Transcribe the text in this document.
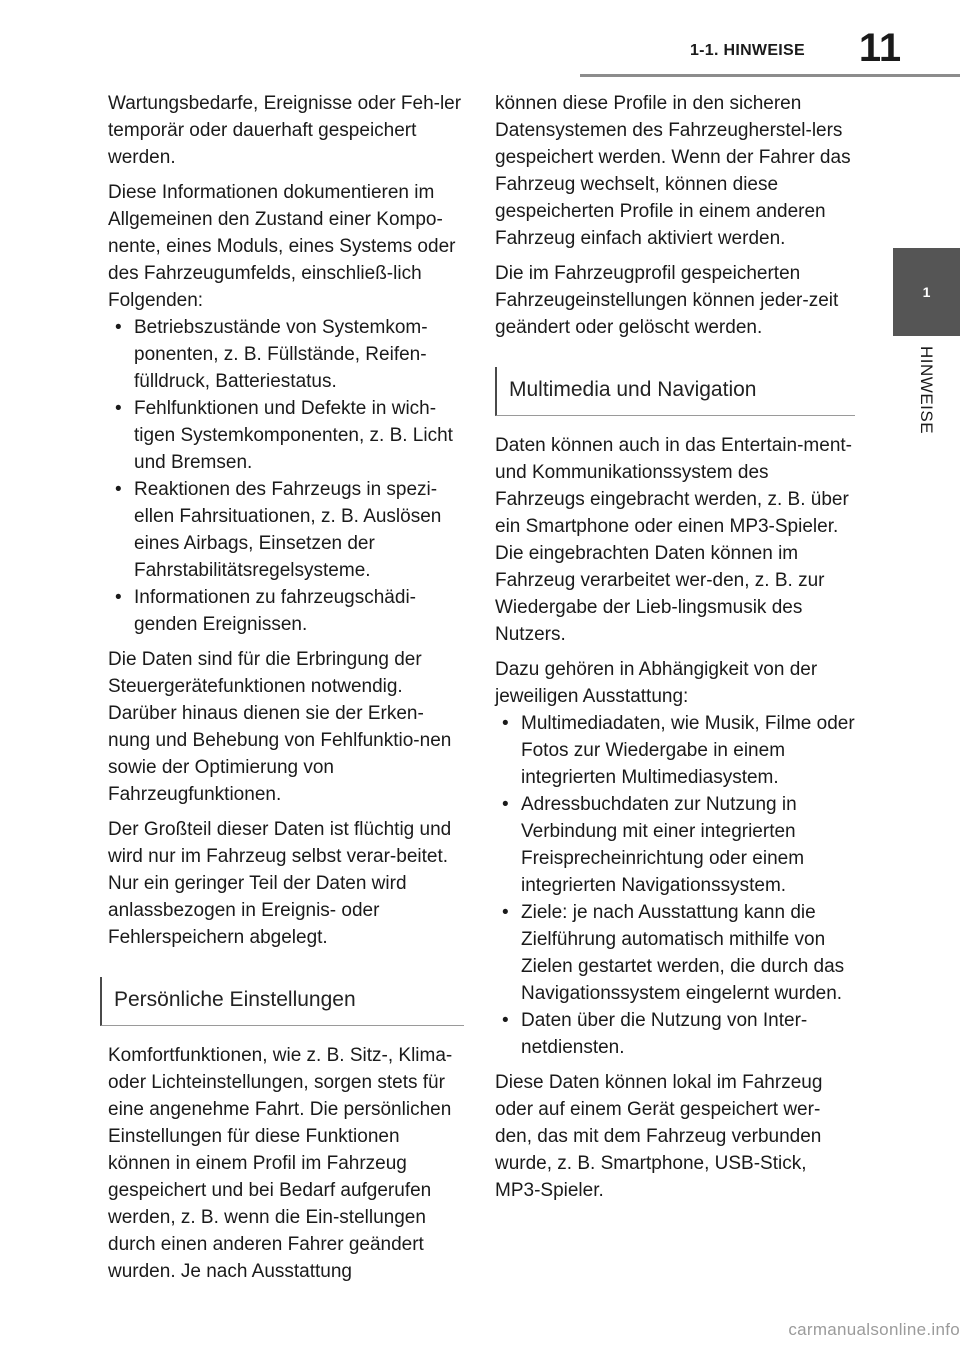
1-1. HINWEISE	11
1
HINWEISE

Wartungsbedarfe, Ereignisse oder Feh-ler temporär oder dauerhaft gespeichert werden.

Diese Informationen dokumentieren im Allgemeinen den Zustand einer Kompo-nente, eines Moduls, eines Systems oder des Fahrzeugumfelds, einschließ-lich Folgenden:

• Betriebszustände von Systemkom-ponenten, z. B. Füllstände, Reifen-fülldruck, Batteriestatus.
• Fehlfunktionen und Defekte in wich-tigen Systemkomponenten, z. B. Licht und Bremsen.
• Reaktionen des Fahrzeugs in spezi-ellen Fahrsituationen, z. B. Auslösen eines Airbags, Einsetzen der Fahrstabilitätsregelsysteme.
• Informationen zu fahrzeugschädi-genden Ereignissen.

Die Daten sind für die Erbringung der Steuergerätefunktionen notwendig. Darüber hinaus dienen sie der Erken-nung und Behebung von Fehlfunktio-nen sowie der Optimierung von Fahrzeugfunktionen.

Der Großteil dieser Daten ist flüchtig und wird nur im Fahrzeug selbst verar-beitet. Nur ein geringer Teil der Daten wird anlassbezogen in Ereignis- oder Fehlerspeichern abgelegt.

Persönliche Einstellungen

Komfortfunktionen, wie z. B. Sitz-, Klima- oder Lichteinstellungen, sorgen stets für eine angenehme Fahrt. Die persönlichen Einstellungen für diese Funktionen können in einem Profil im Fahrzeug gespeichert und bei Bedarf aufgerufen werden, z. B. wenn die Ein-stellungen durch einen anderen Fahrer geändert wurden. Je nach Ausstattung

können diese Profile in den sicheren Datensystemen des Fahrzeugherstel-lers gespeichert werden. Wenn der Fahrer das Fahrzeug wechselt, können diese gespeicherten Profile in einem anderen Fahrzeug einfach aktiviert werden.

Die im Fahrzeugprofil gespeicherten Fahrzeugeinstellungen können jeder-zeit geändert oder gelöscht werden.

Multimedia und Navigation

Daten können auch in das Entertain-ment- und Kommunikationssystem des Fahrzeugs eingebracht werden, z. B. über ein Smartphone oder einen MP3-Spieler. Die eingebrachten Daten können im Fahrzeug verarbeitet wer-den, z. B. zur Wiedergabe der Lieb-lingsmusik des Nutzers.

Dazu gehören in Abhängigkeit von der jeweiligen Ausstattung:

• Multimediadaten, wie Musik, Filme oder Fotos zur Wiedergabe in einem integrierten Multimediasystem.
• Adressbuchdaten zur Nutzung in Verbindung mit einer integrierten Freisprecheinrichtung oder einem integrierten Navigationssystem.
• Ziele: je nach Ausstattung kann die Zielführung automatisch mithilfe von Zielen gestartet werden, die durch das Navigationssystem eingelernt wurden.
• Daten über die Nutzung von Inter-netdiensten.

Diese Daten können lokal im Fahrzeug oder auf einem Gerät gespeichert wer-den, das mit dem Fahrzeug verbunden wurde, z. B. Smartphone, USB-Stick, MP3-Spieler.

carmanualsonline.info
